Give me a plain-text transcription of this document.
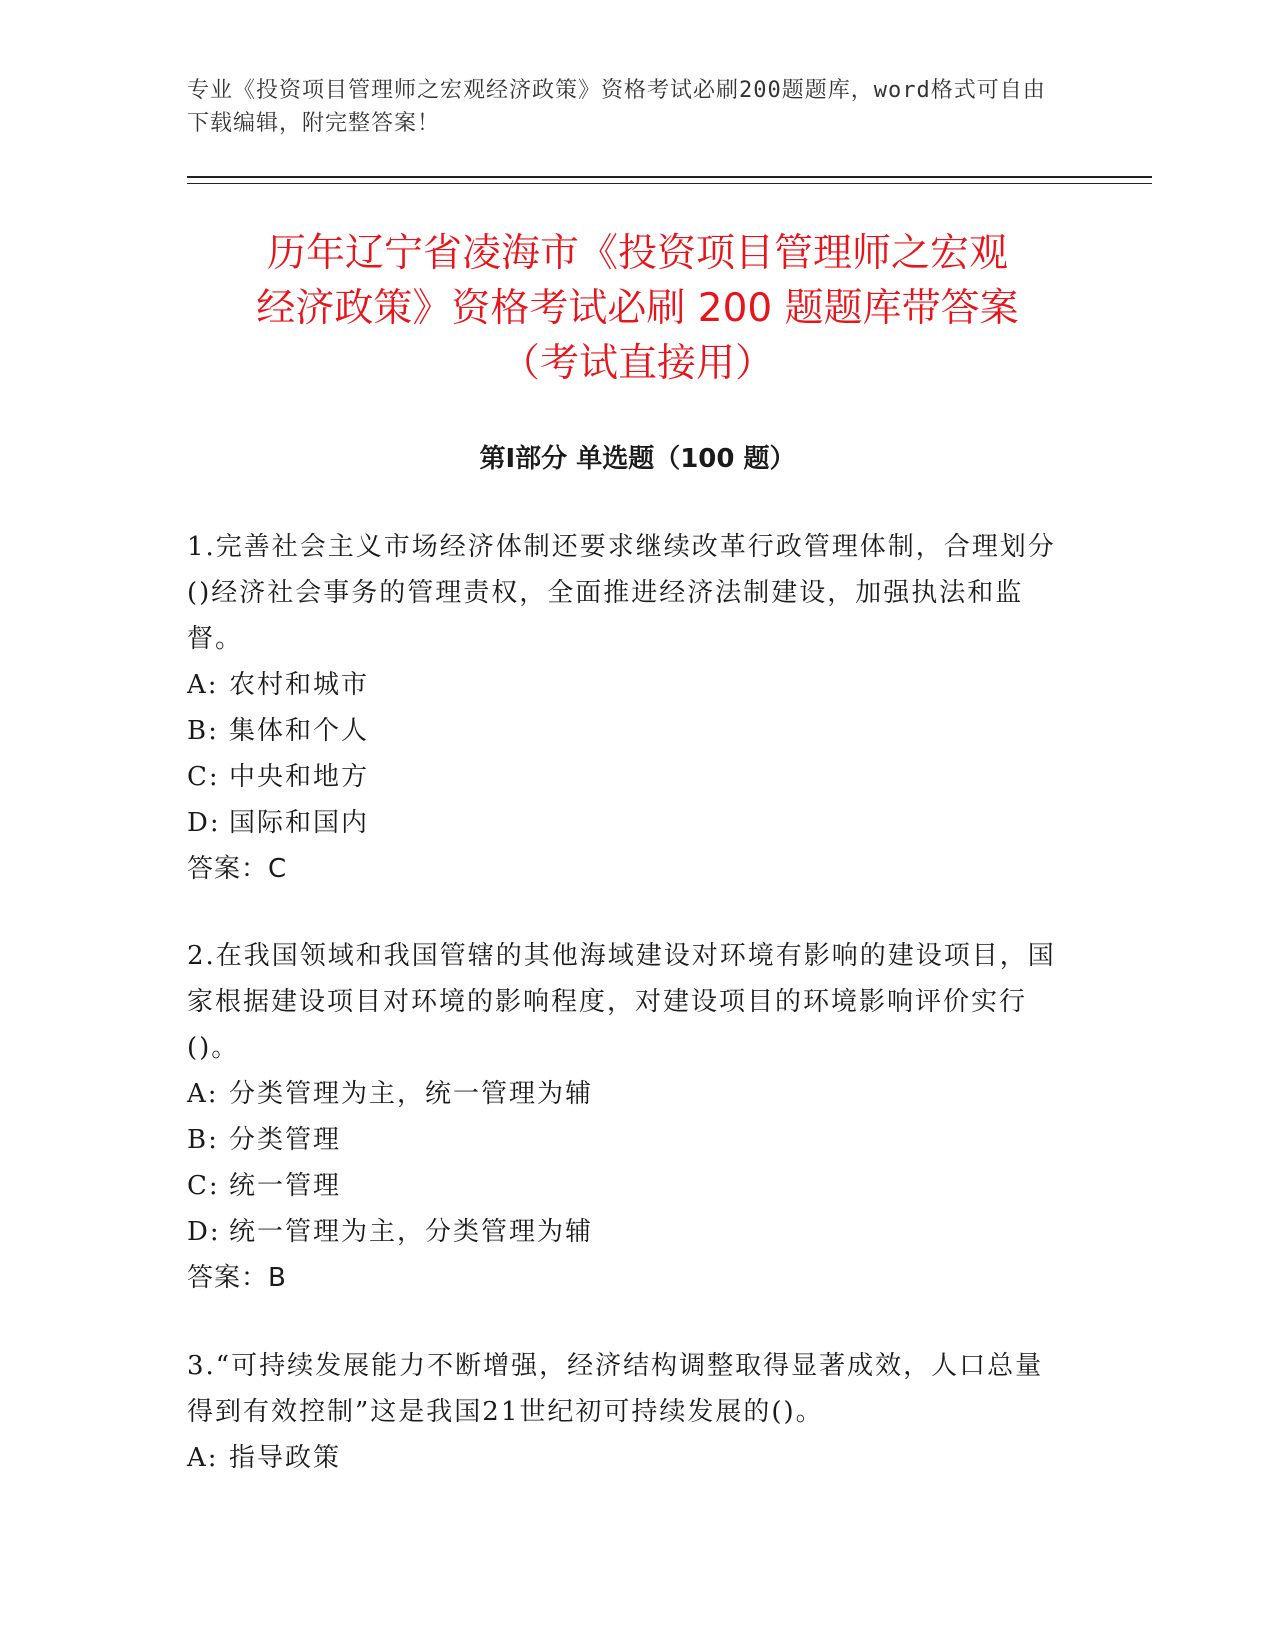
专业《投资项目管理师之宏观经济政策》资格考试必刷200题题库，word格式可自由下载编辑，附完整答案！
历年辽宁省凌海市《投资项目管理师之宏观
经济政策》资格考试必刷 200 题题库带答案
（考试直接用）
第Ⅰ部分 单选题（100 题）

1.完善社会主义市场经济体制还要求继续改革行政管理体制，合理划分()经济社会事务的管理责权，全面推进经济法制建设，加强执法和监督。

A: 农村和城市

B: 集体和个人

C: 中央和地方

D: 国际和国内

答案：C

2.在我国领域和我国管辖的其他海域建设对环境有影响的建设项目，国家根据建设项目对环境的影响程度，对建设项目的环境影响评价实行()。

A: 分类管理为主，统一管理为辅

B: 分类管理

C: 统一管理

D: 统一管理为主，分类管理为辅

答案：B

3.“可持续发展能力不断增强，经济结构调整取得显著成效，人口总量得到有效控制”这是我国21世纪初可持续发展的()。

A: 指导政策
